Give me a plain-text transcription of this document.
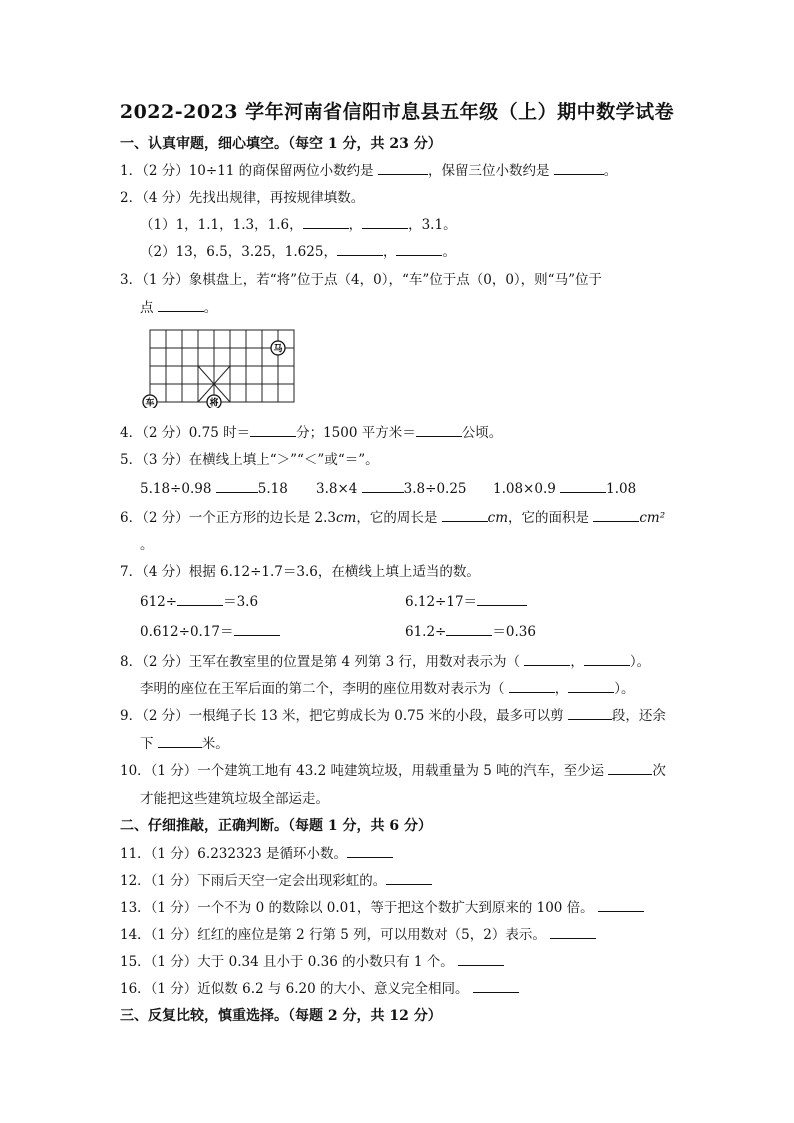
2022-2023 学年河南省信阳市息县五年级（上）期中数学试卷
一、认真审题，细心填空。（每空 1 分，共 23 分）
1．（2 分）10÷11 的商保留两位小数约是	，保留三位小数约是	。
2．（4 分）先找出规律，再按规律填数。
（1）1，1.1，1.3，1.6，	，	，3.1。
（2）13，6.5，3.25，1.625，	，	。
3．（1 分）象棋盘上，若“将”位于点（4，0），“车”位于点（0，0），则“马”位于
点	。
马
车	将
4．（2 分）0.75 时＝	分；1500 平方米＝	公顷。
5．（3 分）在横线上填上“＞”“＜”或“＝”。
5.18÷0.98	5.18 3.8×4	3.8÷0.25 1.08×0.9	1.08
6．（2 分）一个正方形的边长是 2.3cm，它的周长是	cm，它的面积是	cm²
。
7．（4 分）根据 6.12÷1.7＝3.6，在横线上填上适当的数。
612÷	＝3.6	6.12÷17＝
0.612÷0.17＝	61.2÷	＝0.36
8．（2 分）王军在教室里的位置是第 4 列第 3 行，用数对表示为（	，	）。
李明的座位在王军后面的第二个，李明的座位用数对表示为（	，	）。
9．（2 分）一根绳子长 13 米，把它剪成长为 0.75 米的小段，最多可以剪	段，还余
下	米。
10．（1 分）一个建筑工地有 43.2 吨建筑垃圾，用载重量为 5 吨的汽车，至少运	次
才能把这些建筑垃圾全部运走。
二、仔细推敲，正确判断。（每题 1 分，共 6 分）
11．（1 分）6.232323 是循环小数。
12．（1 分）下雨后天空一定会出现彩虹的。
13．（1 分）一个不为 0 的数除以 0.01，等于把这个数扩大到原来的 100 倍。
14．（1 分）红红的座位是第 2 行第 5 列，可以用数对（5，2）表示。
15．（1 分）大于 0.34 且小于 0.36 的小数只有 1 个。
16．（1 分）近似数 6.2 与 6.20 的大小、意义完全相同。
三、反复比较，慎重选择。（每题 2 分，共 12 分）
